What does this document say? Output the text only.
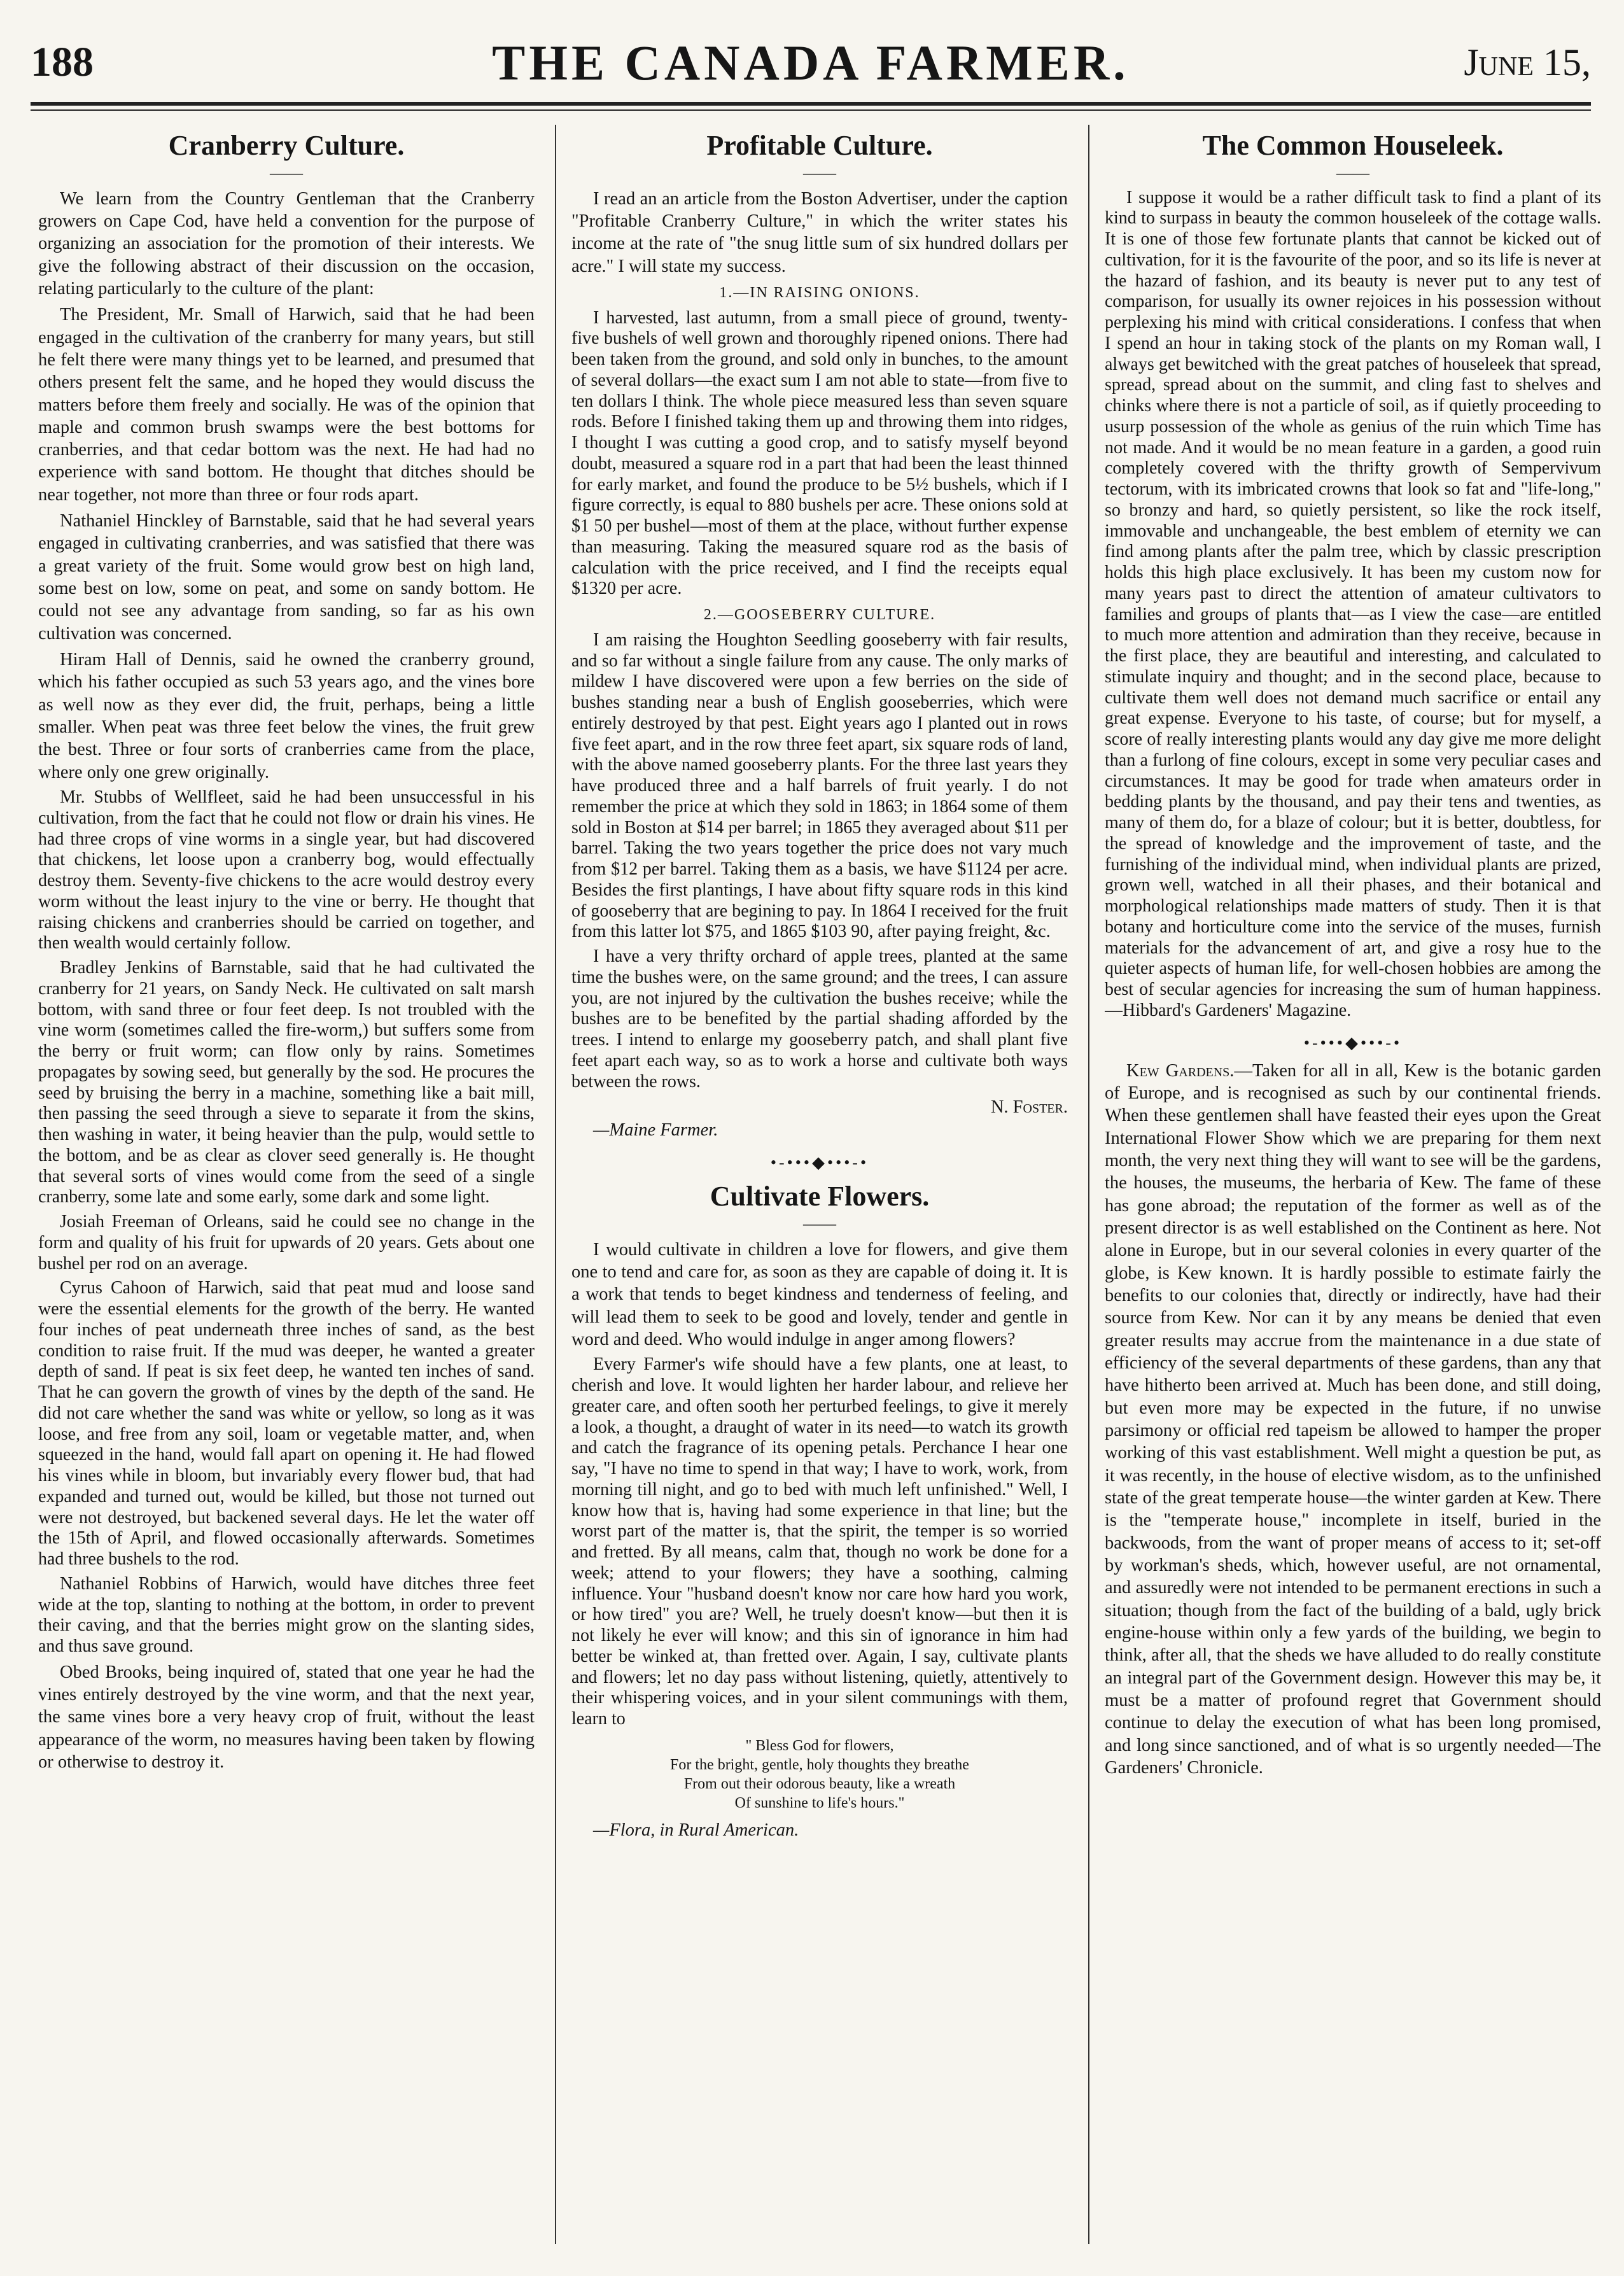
188	THE CANADA FARMER.	June 15,
Cranberry Culture.
——

We learn from the Country Gentleman that the Cranberry growers on Cape Cod, have held a convention for the purpose of organizing an association for the promotion of their interests. We give the following abstract of their discussion on the occasion, relating particularly to the culture of the plant:

The President, Mr. Small of Harwich, said that he had been engaged in the cultivation of the cranberry for many years, but still he felt there were many things yet to be learned, and presumed that others present felt the same, and he hoped they would discuss the matters before them freely and socially. He was of the opinion that maple and common brush swamps were the best bottoms for cranberries, and that cedar bottom was the next. He had had no experience with sand bottom. He thought that ditches should be near together, not more than three or four rods apart.

Nathaniel Hinckley of Barnstable, said that he had several years engaged in cultivating cranberries, and was satisfied that there was a great variety of the fruit. Some would grow best on high land, some best on low, some on peat, and some on sandy bottom. He could not see any advantage from sanding, so far as his own cultivation was concerned.

Hiram Hall of Dennis, said he owned the cranberry ground, which his father occupied as such 53 years ago, and the vines bore as well now as they ever did, the fruit, perhaps, being a little smaller. When peat was three feet below the vines, the fruit grew the best. Three or four sorts of cranberries came from the place, where only one grew originally.

Mr. Stubbs of Wellfleet, said he had been unsuccessful in his cultivation, from the fact that he could not flow or drain his vines. He had three crops of vine worms in a single year, but had discovered that chickens, let loose upon a cranberry bog, would effectually destroy them. Seventy-five chickens to the acre would destroy every worm without the least injury to the vine or berry. He thought that raising chickens and cranberries should be carried on together, and then wealth would certainly follow.

Bradley Jenkins of Barnstable, said that he had cultivated the cranberry for 21 years, on Sandy Neck. He cultivated on salt marsh bottom, with sand three or four feet deep. Is not troubled with the vine worm (sometimes called the fire-worm,) but suffers some from the berry or fruit worm; can flow only by rains. Sometimes propagates by sowing seed, but generally by the sod. He procures the seed by bruising the berry in a machine, something like a bait mill, then passing the seed through a sieve to separate it from the skins, then washing in water, it being heavier than the pulp, would settle to the bottom, and be as clear as clover seed generally is. He thought that several sorts of vines would come from the seed of a single cranberry, some late and some early, some dark and some light.

Josiah Freeman of Orleans, said he could see no change in the form and quality of his fruit for upwards of 20 years. Gets about one bushel per rod on an average.

Cyrus Cahoon of Harwich, said that peat mud and loose sand were the essential elements for the growth of the berry. He wanted four inches of peat underneath three inches of sand, as the best condition to raise fruit. If the mud was deeper, he wanted a greater depth of sand. If peat is six feet deep, he wanted ten inches of sand. That he can govern the growth of vines by the depth of the sand. He did not care whether the sand was white or yellow, so long as it was loose, and free from any soil, loam or vegetable matter, and, when squeezed in the hand, would fall apart on opening it. He had flowed his vines while in bloom, but invariably every flower bud, that had expanded and turned out, would be killed, but those not turned out were not destroyed, but backened several days. He let the water off the 15th of April, and flowed occasionally afterwards. Sometimes had three bushels to the rod.

Nathaniel Robbins of Harwich, would have ditches three feet wide at the top, slanting to nothing at the bottom, in order to prevent their caving, and that the berries might grow on the slanting sides, and thus save ground.

Obed Brooks, being inquired of, stated that one year he had the vines entirely destroyed by the vine worm, and that the next year, the same vines bore a very heavy crop of fruit, without the least appearance of the worm, no measures having been taken by flowing or otherwise to destroy it.

Profitable Culture.
——

I read an an article from the Boston Advertiser, under the caption "Profitable Cranberry Culture," in which the writer states his income at the rate of "the snug little sum of six hundred dollars per acre." I will state my success.

1.—IN RAISING ONIONS.

I harvested, last autumn, from a small piece of ground, twenty-five bushels of well grown and thoroughly ripened onions. There had been taken from the ground, and sold only in bunches, to the amount of several dollars—the exact sum I am not able to state—from five to ten dollars I think. The whole piece measured less than seven square rods. Before I finished taking them up and throwing them into ridges, I thought I was cutting a good crop, and to satisfy myself beyond doubt, measured a square rod in a part that had been the least thinned for early market, and found the produce to be 5½ bushels, which if I figure correctly, is equal to 880 bushels per acre. These onions sold at $1 50 per bushel—most of them at the place, without further expense than measuring. Taking the measured square rod as the basis of calculation with the price received, and I find the receipts equal $1320 per acre.

2.—GOOSEBERRY CULTURE.

I am raising the Houghton Seedling gooseberry with fair results, and so far without a single failure from any cause. The only marks of mildew I have discovered were upon a few berries on the side of bushes standing near a bush of English gooseberries, which were entirely destroyed by that pest. Eight years ago I planted out in rows five feet apart, and in the row three feet apart, six square rods of land, with the above named gooseberry plants. For the three last years they have produced three and a half barrels of fruit yearly. I do not remember the price at which they sold in 1863; in 1864 some of them sold in Boston at $14 per barrel; in 1865 they averaged about $11 per barrel. Taking the two years together the price does not vary much from $12 per barrel. Taking them as a basis, we have $1124 per acre. Besides the first plantings, I have about fifty square rods in this kind of gooseberry that are begining to pay. In 1864 I received for the fruit from this latter lot $75, and 1865 $103 90, after paying freight, &c.

I have a very thrifty orchard of apple trees, planted at the same time the bushes were, on the same ground; and the trees, I can assure you, are not injured by the cultivation the bushes receive; while the bushes are to be benefited by the partial shading afforded by the trees. I intend to enlarge my gooseberry patch, and shall plant five feet apart each way, so as to work a horse and cultivate both ways between the rows.

N. Foster.

—Maine Farmer.

•-•••◆•••-•
Cultivate Flowers.
——

I would cultivate in children a love for flowers, and give them one to tend and care for, as soon as they are capable of doing it. It is a work that tends to beget kindness and tenderness of feeling, and will lead them to seek to be good and lovely, tender and gentle in word and deed. Who would indulge in anger among flowers?

Every Farmer's wife should have a few plants, one at least, to cherish and love. It would lighten her harder labour, and relieve her greater care, and often sooth her perturbed feelings, to give it merely a look, a thought, a draught of water in its need—to watch its growth and catch the fragrance of its opening petals. Perchance I hear one say, "I have no time to spend in that way; I have to work, work, from morning till night, and go to bed with much left unfinished." Well, I know how that is, having had some experience in that line; but the worst part of the matter is, that the spirit, the temper is so worried and fretted. By all means, calm that, though no work be done for a week; attend to your flowers; they have a soothing, calming influence. Your "husband doesn't know nor care how hard you work, or how tired" you are? Well, he truely doesn't know—but then it is not likely he ever will know; and this sin of ignorance in him had better be winked at, than fretted over. Again, I say, cultivate plants and flowers; let no day pass without listening, quietly, attentively to their whispering voices, and in your silent communings with them, learn to

" Bless God for flowers,
For the bright, gentle, holy thoughts they breathe
From out their odorous beauty, like a wreath
Of sunshine to life's hours."

—Flora, in Rural American.

The Common Houseleek.
——

I suppose it would be a rather difficult task to find a plant of its kind to surpass in beauty the common houseleek of the cottage walls. It is one of those few fortunate plants that cannot be kicked out of cultivation, for it is the favourite of the poor, and so its life is never at the hazard of fashion, and its beauty is never put to any test of comparison, for usually its owner rejoices in his possession without perplexing his mind with critical considerations. I confess that when I spend an hour in taking stock of the plants on my Roman wall, I always get bewitched with the great patches of houseleek that spread, spread, spread about on the summit, and cling fast to shelves and chinks where there is not a particle of soil, as if quietly proceeding to usurp possession of the whole as genius of the ruin which Time has not made. And it would be no mean feature in a garden, a good ruin completely covered with the thrifty growth of Sempervivum tectorum, with its imbricated crowns that look so fat and "life-long," so bronzy and hard, so quietly persistent, so like the rock itself, immovable and unchangeable, the best emblem of eternity we can find among plants after the palm tree, which by classic prescription holds this high place exclusively. It has been my custom now for many years past to direct the attention of amateur cultivators to families and groups of plants that—as I view the case—are entitled to much more attention and admiration than they receive, because in the first place, they are beautiful and interesting, and calculated to stimulate inquiry and thought; and in the second place, because to cultivate them well does not demand much sacrifice or entail any great expense. Everyone to his taste, of course; but for myself, a score of really interesting plants would any day give me more delight than a furlong of fine colours, except in some very peculiar cases and circumstances. It may be good for trade when amateurs order in bedding plants by the thousand, and pay their tens and twenties, as many of them do, for a blaze of colour; but it is better, doubtless, for the spread of knowledge and the improvement of taste, and the furnishing of the individual mind, when individual plants are prized, grown well, watched in all their phases, and their botanical and morphological relationships made matters of study. Then it is that botany and horticulture come into the service of the muses, furnish materials for the advancement of art, and give a rosy hue to the quieter aspects of human life, for well-chosen hobbies are among the best of secular agencies for increasing the sum of human happiness.—Hibbard's Gardeners' Magazine.

•-•••◆•••-•

Kew Gardens.—Taken for all in all, Kew is the botanic garden of Europe, and is recognised as such by our continental friends. When these gentlemen shall have feasted their eyes upon the Great International Flower Show which we are preparing for them next month, the very next thing they will want to see will be the gardens, the houses, the museums, the herbaria of Kew. The fame of these has gone abroad; the reputation of the former as well as of the present director is as well established on the Continent as here. Not alone in Europe, but in our several colonies in every quarter of the globe, is Kew known. It is hardly possible to estimate fairly the benefits to our colonies that, directly or indirectly, have had their source from Kew. Nor can it by any means be denied that even greater results may accrue from the maintenance in a due state of efficiency of the several departments of these gardens, than any that have hitherto been arrived at. Much has been done, and still doing, but even more may be expected in the future, if no unwise parsimony or official red tapeism be allowed to hamper the proper working of this vast establishment. Well might a question be put, as it was recently, in the house of elective wisdom, as to the unfinished state of the great temperate house—the winter garden at Kew. There is the "temperate house," incomplete in itself, buried in the backwoods, from the want of proper means of access to it; set-off by workman's sheds, which, however useful, are not ornamental, and assuredly were not intended to be permanent erections in such a situation; though from the fact of the building of a bald, ugly brick engine-house within only a few yards of the building, we begin to think, after all, that the sheds we have alluded to do really constitute an integral part of the Government design. However this may be, it must be a matter of profound regret that Government should continue to delay the execution of what has been long promised, and long since sanctioned, and of what is so urgently needed—The Gardeners' Chronicle.
